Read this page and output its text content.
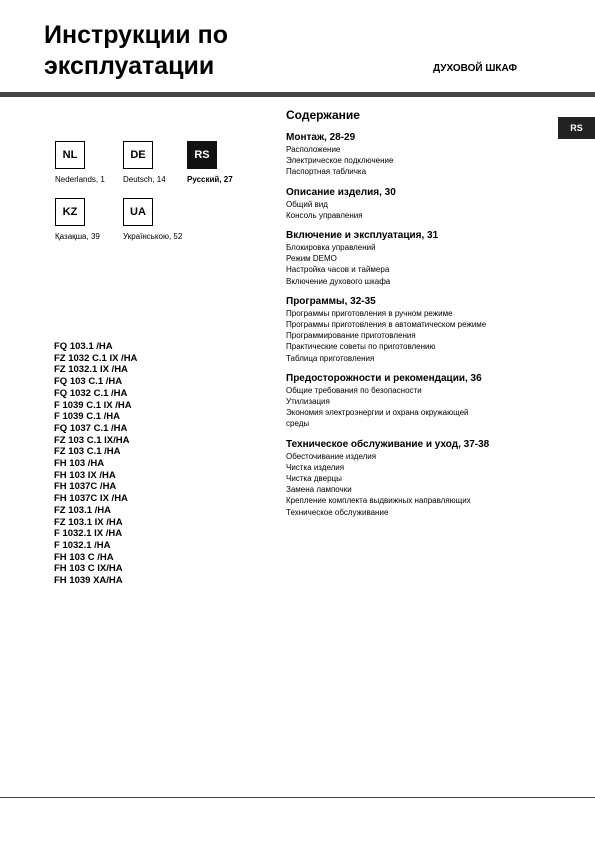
Инструкции по
эксплуатации	ДУХОВОЙ ШКАФ
RS
NL
Nederlands, 1
DE
Deutsch, 14
RS
Русский, 27
KZ
Қазақша, 39
UA
Українською, 52
FQ 103.1 /HA
FZ 1032 C.1 IX /HA
FZ 1032.1 IX /HA
FQ 103 C.1 /HA
FQ 1032 C.1 /HA
F 1039 C.1 IX /HA
F 1039 C.1 /HA
FQ 1037 C.1 /HA
FZ 103 C.1 IX/HA
FZ 103 C.1 /HA
FH 103 /HA
FH 103 IX /HA
FH 1037C /HA
FH 1037C IX /HA
FZ 103.1 /HA
FZ 103.1 IX /HA
F 1032.1 IX /HA
F 1032.1 /HA
FH 103 C /HA
FH 103 C IX/HA
FH 1039 XA/HA
Содержание
Монтаж, 28-29
Расположение
Электрическое подключение
Паспортная табличка
Описание изделия, 30
Общий вид
Консоль управления
Включение и эксплуатация, 31
Блокировка управлений
Режим DEMO
Настройка часов и таймера
Включение духового шкафа
Программы, 32-35
Программы приготовления в ручном режиме
Программы приготовления в автоматическом режиме
Программирование приготовления
Практические советы по приготовлению
Таблица приготовления
Предосторожности и рекомендации, 36
Общие требования по безопасности
Утилизация
Экономия электроэнергии и охрана окружающей
среды
Техническое обслуживание и уход, 37-38
Обесточивание изделия
Чистка изделия
Чистка дверцы
Замена лампочки
Крепление комплекта выдвижных направляющих
Техническое обслуживание
